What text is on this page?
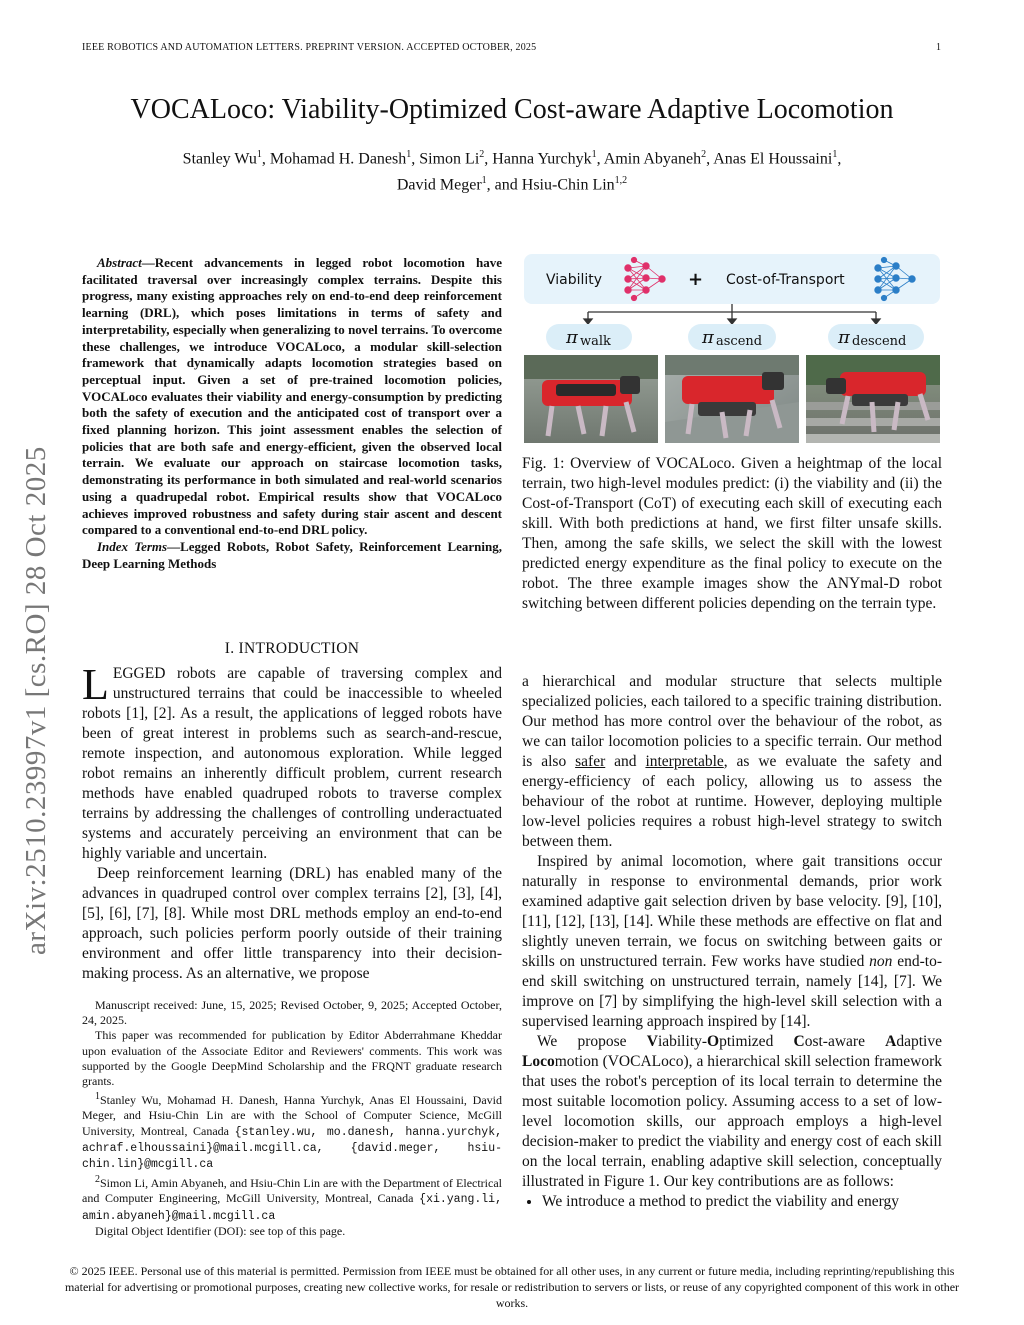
IEEE ROBOTICS AND AUTOMATION LETTERS. PREPRINT VERSION. ACCEPTED OCTOBER, 2025	1
arXiv:2510.23997v1 [cs.RO] 28 Oct 2025
VOCALoco: Viability-Optimized Cost-aware Adaptive Locomotion
Stanley Wu$^1$, Mohamad H. Danesh$^1$, Simon Li$^2$, Hanna Yurchyk$^1$, Amin Abyaneh$^2$, Anas El Houssaini$^1$,
David Meger$^1$, and Hsiu-Chin Lin$^{1,2}$

Abstract—Recent advancements in legged robot locomotion have facilitated traversal over increasingly complex terrains. Despite this progress, many existing approaches rely on end-to-end deep reinforcement learning (DRL), which poses limitations in terms of safety and interpretability, especially when generalizing to novel terrains. To overcome these challenges, we introduce VOCALoco, a modular skill-selection framework that dynamically adapts locomotion strategies based on perceptual input. Given a set of pre-trained locomotion policies, VOCALoco evaluates their viability and energy-consumption by predicting both the safety of execution and the anticipated cost of transport over a fixed planning horizon. This joint assessment enables the selection of policies that are both safe and energy-efficient, given the observed local terrain. We evaluate our approach on staircase locomotion tasks, demonstrating its performance in both simulated and real-world scenarios using a quadrupedal robot. Empirical results show that VOCALoco achieves improved robustness and safety during stair ascent and descent compared to a conventional end-to-end DRL policy.

Index Terms—Legged Robots, Robot Safety, Reinforcement Learning, Deep Learning Methods

I. INTRODUCTION

LEGGED robots are capable of traversing complex and unstructured terrains that could be inaccessible to wheeled robots [1], [2]. As a result, the applications of legged robots have been of great interest in problems such as search-and-rescue, remote inspection, and autonomous exploration. While legged robot remains an inherently difficult problem, current research methods have enabled quadruped robots to traverse complex terrains by addressing the challenges of controlling underactuated systems and accurately perceiving an environment that can be highly variable and uncertain.

Deep reinforcement learning (DRL) has enabled many of the advances in quadruped control over complex terrains [2], [3], [4], [5], [6], [7], [8]. While most DRL methods employ an end-to-end approach, such policies perform poorly outside of their training environment and offer little transparency into their decision-making process. As an alternative, we propose

Manuscript received: June, 15, 2025; Revised October, 9, 2025; Accepted October, 24, 2025.

This paper was recommended for publication by Editor Abderrahmane Kheddar upon evaluation of the Associate Editor and Reviewers' comments. This work was supported by the Google DeepMind Scholarship and the FRQNT graduate research grants.

$^1$Stanley Wu, Mohamad H. Danesh, Hanna Yurchyk, Anas El Houssaini, David Meger, and Hsiu-Chin Lin are with the School of Computer Science, McGill University, Montreal, Canada {stanley.wu, mo.danesh, hanna.yurchyk, achraf.elhoussaini}@mail.mcgill.ca, {david.meger, hsiu-chin.lin}@mcgill.ca

$^2$Simon Li, Amin Abyaneh, and Hsiu-Chin Lin are with the Department of Electrical and Computer Engineering, McGill University, Montreal, Canada {xi.yang.li, amin.abyaneh}@mail.mcgill.ca

Digital Object Identifier (DOI): see top of this page.

Viability	+ Cost-of-Transport
π walk	π ascend	π descend
Fig. 1: Overview of VOCALoco. Given a heightmap of the local terrain, two high-level modules predict: (i) the viability and (ii) the Cost-of-Transport (CoT) of executing each skill of executing each skill. With both predictions at hand, we first filter unsafe skills. Then, among the safe skills, we select the skill with the lowest predicted energy expenditure as the final policy to execute on the robot. The three example images show the ANYmal-D robot switching between different policies depending on the terrain type.

a hierarchical and modular structure that selects multiple specialized policies, each tailored to a specific training distribution. Our method has more control over the behaviour of the robot, as we can tailor locomotion policies to a specific terrain. Our method is also safer and interpretable, as we evaluate the safety and energy-efficiency of each policy, allowing us to assess the behaviour of the robot at runtime. However, deploying multiple low-level policies requires a robust high-level strategy to switch between them.

Inspired by animal locomotion, where gait transitions occur naturally in response to environmental demands, prior work examined adaptive gait selection driven by base velocity. [9], [10], [11], [12], [13], [14]. While these methods are effective on flat and slightly uneven terrain, we focus on switching between gaits or skills on unstructured terrain. Few works have studied non end-to-end skill switching on unstructured terrain, namely [14], [7]. We improve on [7] by simplifying the high-level skill selection with a supervised learning approach inspired by [14].

We propose Viability-Optimized Cost-aware Adaptive Locomotion (VOCALoco), a hierarchical skill selection framework that uses the robot's perception of its local terrain to determine the most suitable locomotion policy. Assuming access to a set of low-level locomotion skills, our approach employs a high-level decision-maker to predict the viability and energy cost of each skill on the local terrain, enabling adaptive skill selection, conceptually illustrated in Figure 1. Our key contributions are as follows:

• We introduce a method to predict the viability and energy
© 2025 IEEE. Personal use of this material is permitted. Permission from IEEE must be obtained for all other uses, in any current or future media, including reprinting/republishing this material for advertising or promotional purposes, creating new collective works, for resale or redistribution to servers or lists, or reuse of any copyrighted component of this work in other works.
